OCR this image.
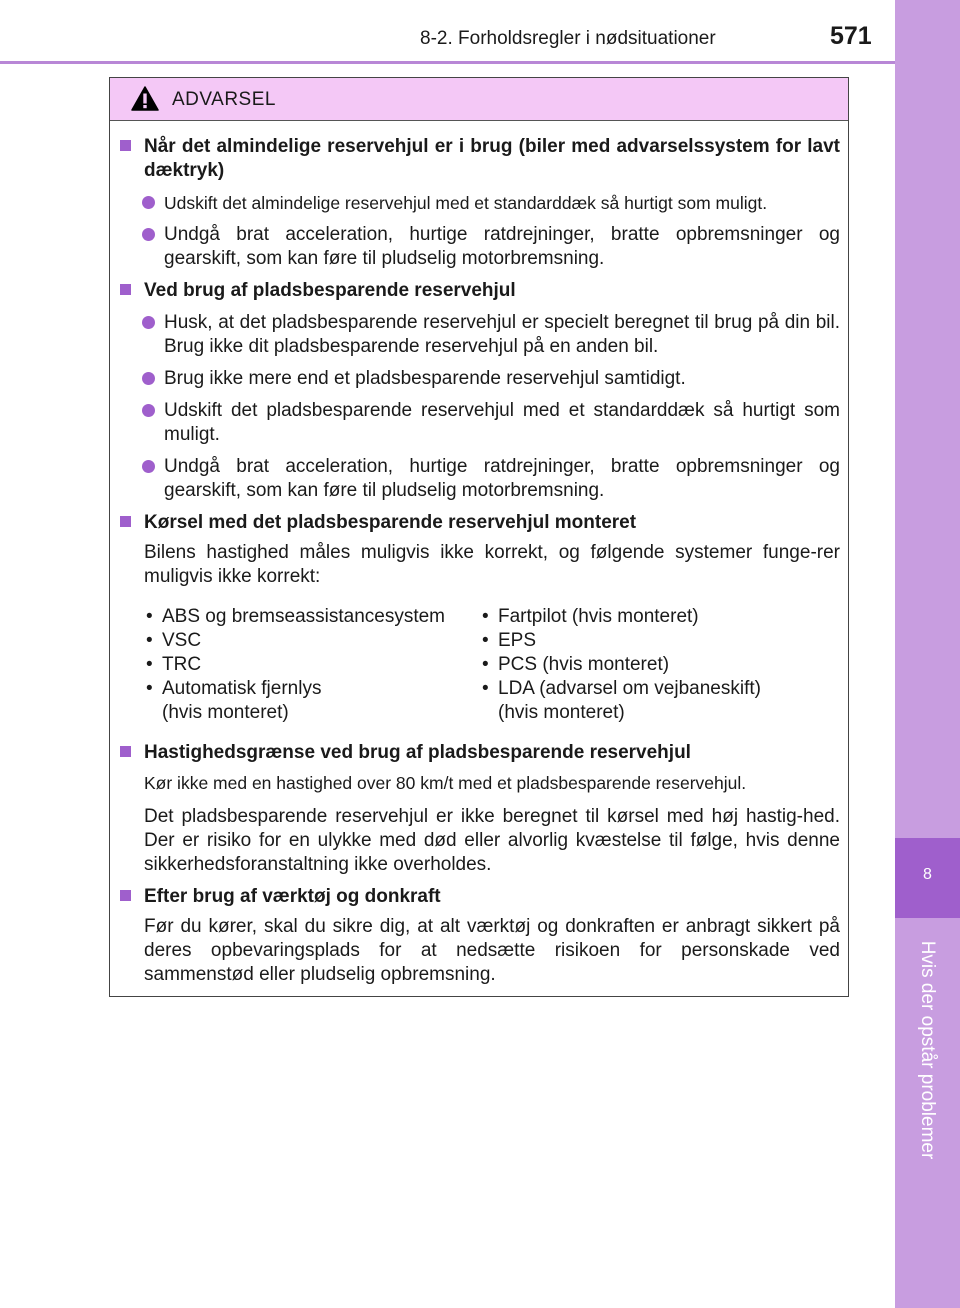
8-2. Forholdsregler i nødsituationer	571
8
Hvis der opstår problemer
ADVARSEL
Når det almindelige reservehjul er i brug (biler med advarselssystem for lavt dæktryk)
Udskift det almindelige reservehjul med et standarddæk så hurtigt som muligt.
Undgå brat acceleration, hurtige ratdrejninger, bratte opbremsninger og gearskift, som kan føre til pludselig motorbremsning.
Ved brug af pladsbesparende reservehjul
Husk, at det pladsbesparende reservehjul er specielt beregnet til brug på din bil. Brug ikke dit pladsbesparende reservehjul på en anden bil.
Brug ikke mere end et pladsbesparende reservehjul samtidigt.
Udskift det pladsbesparende reservehjul med et standarddæk så hurtigt som muligt.
Undgå brat acceleration, hurtige ratdrejninger, bratte opbremsninger og gearskift, som kan føre til pludselig motorbremsning.
Kørsel med det pladsbesparende reservehjul monteret
Bilens hastighed måles muligvis ikke korrekt, og følgende systemer funge-rer muligvis ikke korrekt:
• ABS og bremseassistancesystem
• VSC
• TRC
• Automatisk fjernlys (hvis monteret)
• Fartpilot (hvis monteret)
• EPS
• PCS (hvis monteret)
• LDA (advarsel om vejbaneskift) (hvis monteret)
Hastighedsgrænse ved brug af pladsbesparende reservehjul
Kør ikke med en hastighed over 80 km/t med et pladsbesparende reservehjul.
Det pladsbesparende reservehjul er ikke beregnet til kørsel med høj hastig-hed. Der er risiko for en ulykke med død eller alvorlig kvæstelse til følge, hvis denne sikkerhedsforanstaltning ikke overholdes.
Efter brug af værktøj og donkraft
Før du kører, skal du sikre dig, at alt værktøj og donkraften er anbragt sikkert på deres opbevaringsplads for at nedsætte risikoen for personskade ved sammenstød eller pludselig opbremsning.
